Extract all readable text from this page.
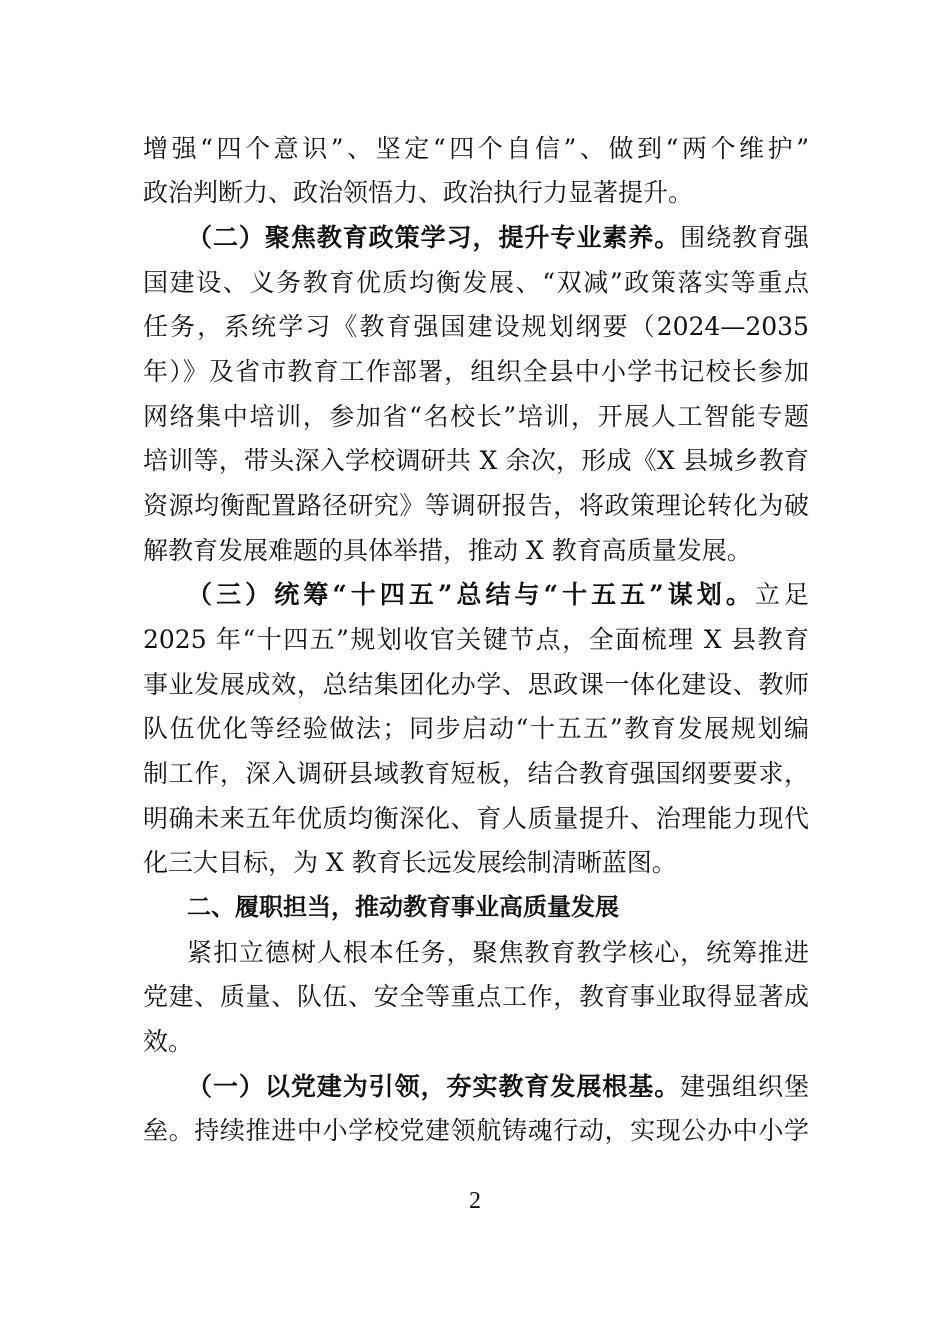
增强“四个意识”、坚定“四个自信”、做到“两个维护”
政治判断力、政治领悟力、政治执行力显著提升。
（二）聚焦教育政策学习，提升专业素养。围绕教育强
国建设、义务教育优质均衡发展、“双减”政策落实等重点
任务，系统学习《教育强国建设规划纲要（2024—2035
年）》及省市教育工作部署，组织全县中小学书记校长参加
网络集中培训，参加省“名校长”培训，开展人工智能专题
培训等，带头深入学校调研共 X 余次，形成《X 县城乡教育
资源均衡配置路径研究》等调研报告，将政策理论转化为破
解教育发展难题的具体举措，推动 X 教育高质量发展。
（三）统筹“十四五”总结与“十五五”谋划。立足
2025 年“十四五”规划收官关键节点，全面梳理 X 县教育
事业发展成效，总结集团化办学、思政课一体化建设、教师
队伍优化等经验做法；同步启动“十五五”教育发展规划编
制工作，深入调研县域教育短板，结合教育强国纲要要求，
明确未来五年优质均衡深化、育人质量提升、治理能力现代
化三大目标，为 X 教育长远发展绘制清晰蓝图。
二、履职担当，推动教育事业高质量发展
紧扣立德树人根本任务，聚焦教育教学核心，统筹推进
党建、质量、队伍、安全等重点工作，教育事业取得显著成
效。
（一）以党建为引领，夯实教育发展根基。建强组织堡
垒。持续推进中小学校党建领航铸魂行动，实现公办中小学
2
